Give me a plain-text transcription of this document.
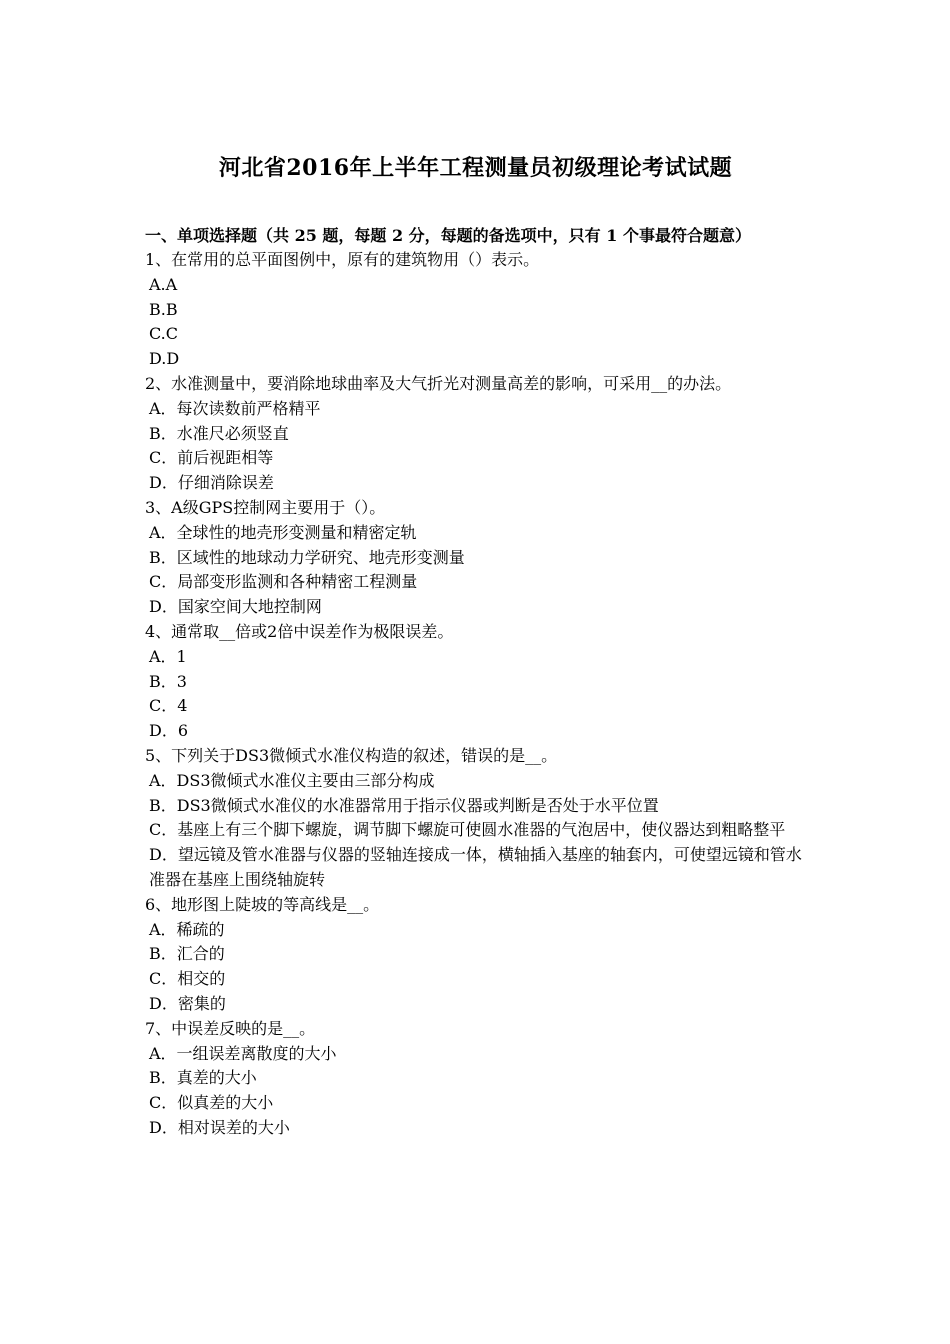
河北省2016年上半年工程测量员初级理论考试试题
一、单项选择题（共 25 题，每题 2 分，每题的备选项中，只有 1 个事最符合题意）
1、在常用的总平面图例中，原有的建筑物用（）表示。
A.A
B.B
C.C
D.D
2、水准测量中，要消除地球曲率及大气折光对测量高差的影响，可采用__的办法。
A．每次读数前严格精平
B．水准尺必须竖直
C．前后视距相等
D．仔细消除误差
3、A级GPS控制网主要用于（）。
A．全球性的地壳形变测量和精密定轨
B．区域性的地球动力学研究、地壳形变测量
C．局部变形监测和各种精密工程测量
D．国家空间大地控制网
4、通常取__倍或2倍中误差作为极限误差。
A．1
B．3
C．4
D．6
5、下列关于DS3微倾式水准仪构造的叙述，错误的是__。
A．DS3微倾式水准仪主要由三部分构成
B．DS3微倾式水准仪的水准器常用于指示仪器或判断是否处于水平位置
C．基座上有三个脚下螺旋，调节脚下螺旋可使圆水准器的气泡居中，使仪器达到粗略整平
D．望远镜及管水准器与仪器的竖轴连接成一体，横轴插入基座的轴套内，可使望远镜和管水准器在基座上围绕轴旋转
6、地形图上陡坡的等高线是__。
A．稀疏的
B．汇合的
C．相交的
D．密集的
7、中误差反映的是__。
A．一组误差离散度的大小
B．真差的大小
C．似真差的大小
D．相对误差的大小
